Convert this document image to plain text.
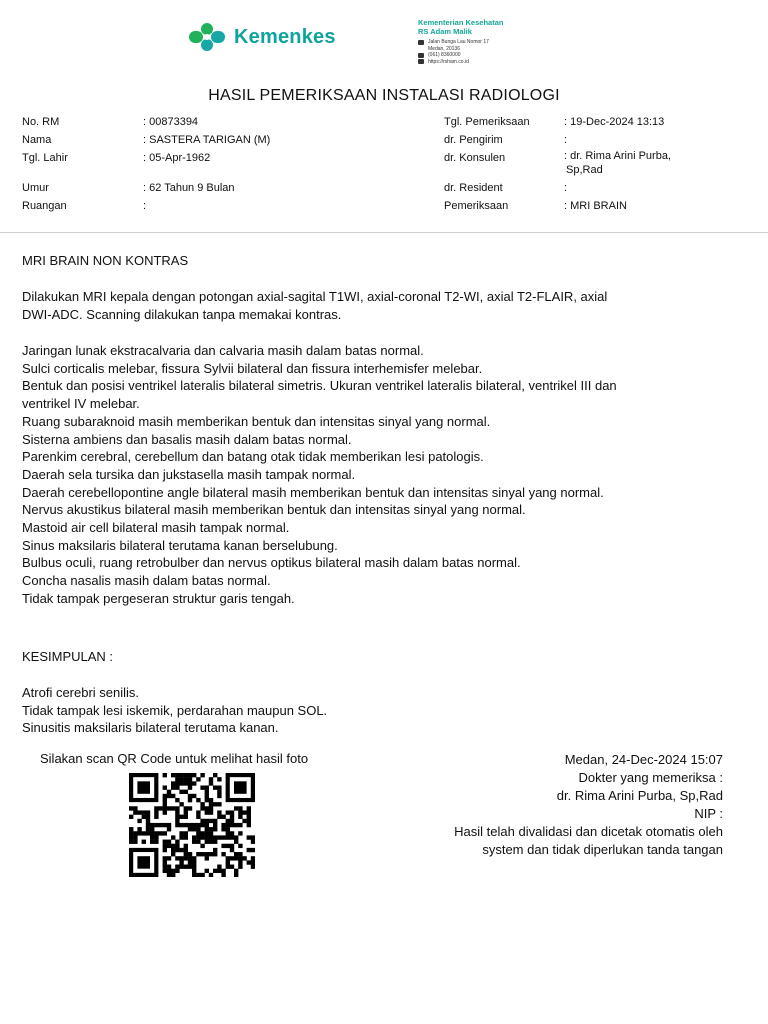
Kemenkes
Kementerian Kesehatan
RS Adam Malik
Jalan Bunga Lau Nomor 17
Medan, 20136
(061) 8360000
https://rsham.co.id
HASIL PEMERIKSAAN INSTALASI RADIOLOGI
No. RM	: 00873394
Nama	: SASTERA TARIGAN (M)
Tgl. Lahir	: 05-Apr-1962
Umur	: 62 Tahun 9 Bulan
Ruangan	:
Tgl. Pemeriksaan	: 19-Dec-2024 13:13
dr. Pengirim	:
dr. Konsulen	: dr. Rima Arini Purba,
Sp,Rad
dr. Resident	:
Pemeriksaan	: MRI BRAIN
MRI BRAIN NON KONTRAS
Dilakukan MRI kepala dengan potongan axial-sagital T1WI, axial-coronal T2-WI, axial T2-FLAIR, axial
DWI-ADC. Scanning dilakukan tanpa memakai kontras.
Jaringan lunak ekstracalvaria dan calvaria masih dalam batas normal.
Sulci corticalis melebar, fissura Sylvii bilateral dan fissura interhemisfer melebar.
Bentuk dan posisi ventrikel lateralis bilateral simetris. Ukuran ventrikel lateralis bilateral, ventrikel III dan
ventrikel IV melebar.
Ruang subaraknoid masih memberikan bentuk dan intensitas sinyal yang normal.
Sisterna ambiens dan basalis masih dalam batas normal.
Parenkim cerebral, cerebellum dan batang otak tidak memberikan lesi patologis.
Daerah sela tursika dan jukstasella masih tampak normal.
Daerah cerebellopontine angle bilateral masih memberikan bentuk dan intensitas sinyal yang normal.
Nervus akustikus bilateral masih memberikan bentuk dan intensitas sinyal yang normal.
Mastoid air cell bilateral masih tampak normal.
Sinus maksilaris bilateral terutama kanan berselubung.
Bulbus oculi, ruang retrobulber dan nervus optikus bilateral masih dalam batas normal.
Concha nasalis masih dalam batas normal.
Tidak tampak pergeseran struktur garis tengah.
KESIMPULAN :
Atrofi cerebri senilis.
Tidak tampak lesi iskemik, perdarahan maupun SOL.
Sinusitis maksilaris bilateral terutama kanan.
Silakan scan QR Code untuk melihat hasil foto	Medan, 24-Dec-2024 15:07
Dokter yang memeriksa :
dr. Rima Arini Purba, Sp,Rad
NIP :
Hasil telah divalidasi dan dicetak otomatis oleh
system dan tidak diperlukan tanda tangan
